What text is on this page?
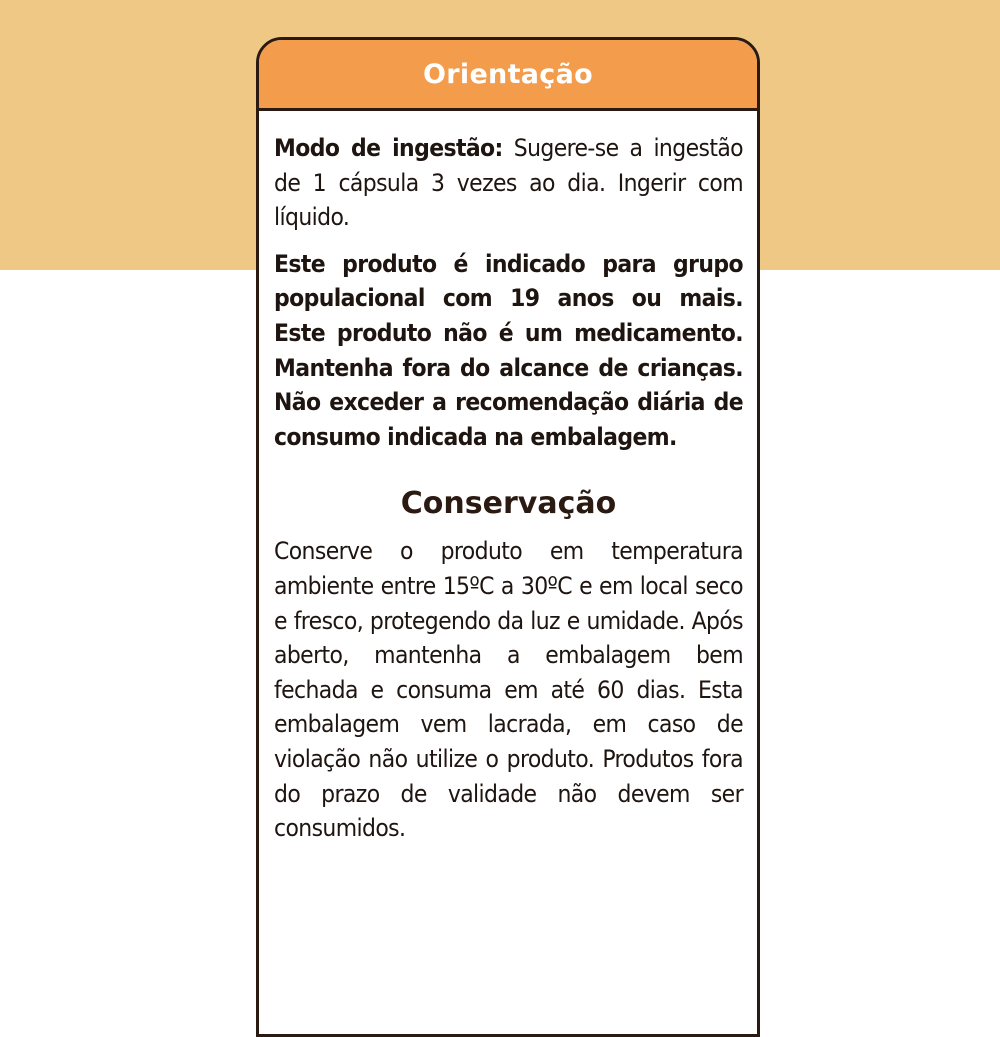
Orientação

Modo de ingestão: Sugere-se a ingestão de 1 cápsula 3 vezes ao dia. Ingerir com líquido.

Este produto é indicado para grupo populacional com 19 anos ou mais. Este produto não é um medicamento. Mantenha fora do alcance de crianças. Não exceder a recomendação diária de consumo indicada na embalagem.

Conservação

Conserve o produto em temperatura ambiente entre 15ºC a 30ºC e em local seco e fresco, protegendo da luz e umidade. Após aberto, mantenha a embalagem bem fechada e consuma em até 60 dias. Esta embalagem vem lacrada, em caso de violação não utilize o produto. Produtos fora do prazo de validade não devem ser consumidos.
